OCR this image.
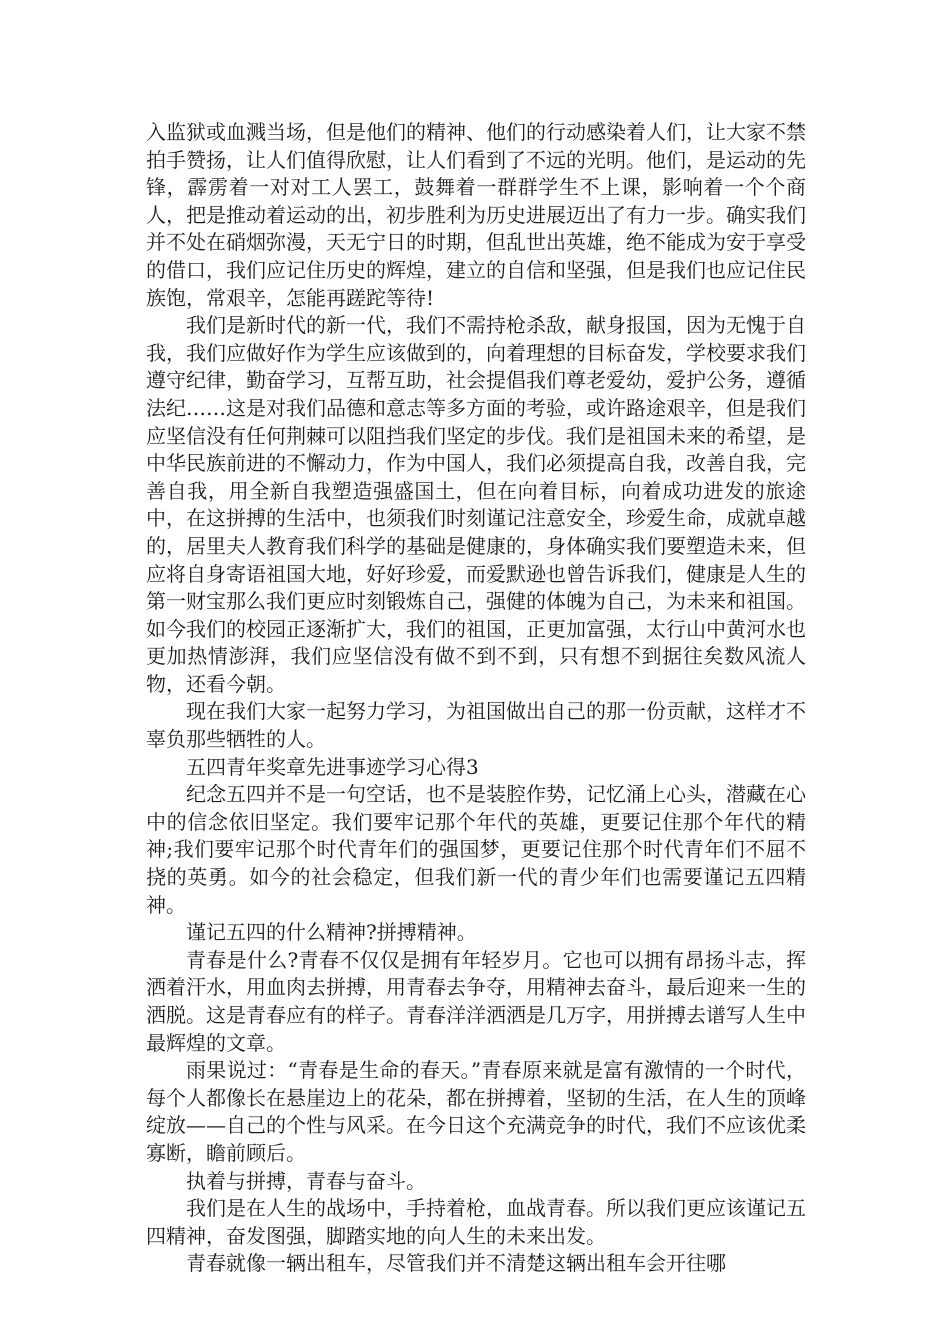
入监狱或血溅当场，但是他们的精神、他们的行动感染着人们，让大家不禁拍手赞扬，让人们值得欣慰，让人们看到了不远的光明。他们，是运动的先锋，霹雳着一对对工人罢工，鼓舞着一群群学生不上课，影响着一个个商人，把是推动着运动的出，初步胜利为历史进展迈出了有力一步。确实我们并不处在硝烟弥漫，天无宁日的时期，但乱世出英雄，绝不能成为安于享受的借口，我们应记住历史的辉煌，建立的自信和坚强，但是我们也应记住民族饱，常艰辛，怎能再蹉跎等待!

我们是新时代的新一代，我们不需持枪杀敌，献身报国，因为无愧于自我，我们应做好作为学生应该做到的，向着理想的目标奋发，学校要求我们遵守纪律，勤奋学习，互帮互助，社会提倡我们尊老爱幼，爱护公务，遵循法纪……这是对我们品德和意志等多方面的考验，或许路途艰辛，但是我们应坚信没有任何荆棘可以阻挡我们坚定的步伐。我们是祖国未来的希望，是中华民族前进的不懈动力，作为中国人，我们必须提高自我，改善自我，完善自我，用全新自我塑造强盛国土，但在向着目标，向着成功进发的旅途中，在这拼搏的生活中，也须我们时刻谨记注意安全，珍爱生命，成就卓越的，居里夫人教育我们科学的基础是健康的，身体确实我们要塑造未来，但应将自身寄语祖国大地，好好珍爱，而爱默逊也曾告诉我们，健康是人生的第一财宝那么我们更应时刻锻炼自己，强健的体魄为自己，为未来和祖国。如今我们的校园正逐渐扩大，我们的祖国，正更加富强，太行山中黄河水也更加热情澎湃，我们应坚信没有做不到不到，只有想不到据往矣数风流人物，还看今朝。

现在我们大家一起努力学习，为祖国做出自己的那一份贡献，这样才不辜负那些牺牲的人。

五四青年奖章先进事迹学习心得3

纪念五四并不是一句空话，也不是装腔作势，记忆涌上心头，潜藏在心中的信念依旧坚定。我们要牢记那个年代的英雄，更要记住那个年代的精神;我们要牢记那个时代青年们的强国梦，更要记住那个时代青年们不屈不挠的英勇。如今的社会稳定，但我们新一代的青少年们也需要谨记五四精神。

谨记五四的什么精神?拼搏精神。

青春是什么?青春不仅仅是拥有年轻岁月。它也可以拥有昂扬斗志，挥洒着汗水，用血肉去拼搏，用青春去争夺，用精神去奋斗，最后迎来一生的洒脱。这是青春应有的样子。青春洋洋洒洒是几万字，用拼搏去谱写人生中最辉煌的文章。

雨果说过：“青春是生命的春天。”青春原来就是富有激情的一个时代，每个人都像长在悬崖边上的花朵，都在拼搏着，坚韧的生活，在人生的顶峰绽放——自己的个性与风采。在今日这个充满竞争的时代，我们不应该优柔寡断，瞻前顾后。

执着与拼搏，青春与奋斗。

我们是在人生的战场中，手持着枪，血战青春。所以我们更应该谨记五四精神，奋发图强，脚踏实地的向人生的未来出发。

青春就像一辆出租车，尽管我们并不清楚这辆出租车会开往哪
